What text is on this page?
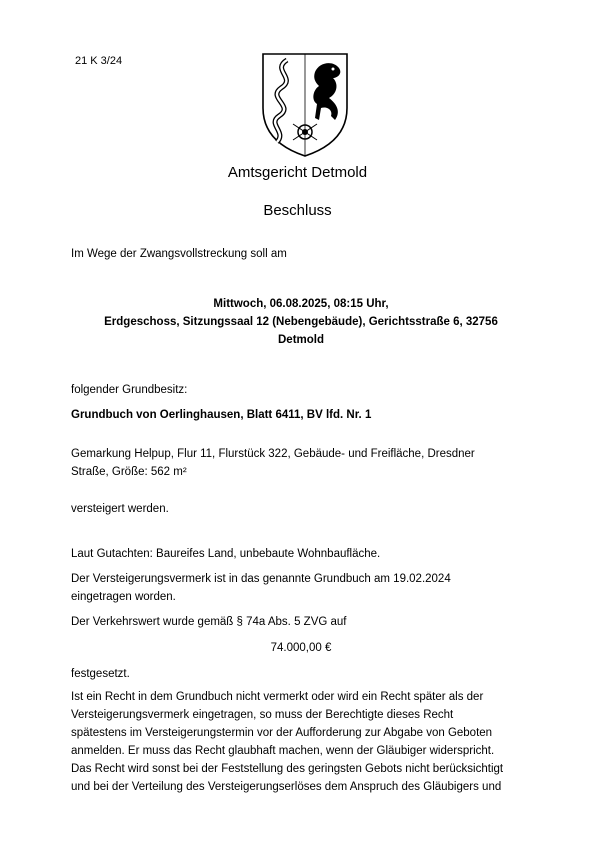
21 K 3/24
Amtsgericht Detmold
Beschluss
Im Wege der Zwangsvollstreckung soll am
Mittwoch, 06.08.2025, 08:15 Uhr,
Erdgeschoss, Sitzungssaal 12 (Nebengebäude), Gerichtsstraße 6, 32756
Detmold
folgender Grundbesitz:
Grundbuch von Oerlinghausen, Blatt 6411, BV lfd. Nr. 1
Gemarkung Helpup, Flur 11, Flurstück 322, Gebäude- und Freifläche, Dresdner
Straße, Größe: 562 m²
versteigert werden.
Laut Gutachten: Baureifes Land, unbebaute Wohnbaufläche.
Der Versteigerungsvermerk ist in das genannte Grundbuch am 19.02.2024
eingetragen worden.
Der Verkehrswert wurde gemäß § 74a Abs. 5 ZVG auf
74.000,00 €
festgesetzt.
Ist ein Recht in dem Grundbuch nicht vermerkt oder wird ein Recht später als der
Versteigerungsvermerk eingetragen, so muss der Berechtigte dieses Recht
spätestens im Versteigerungstermin vor der Aufforderung zur Abgabe von Geboten
anmelden. Er muss das Recht glaubhaft machen, wenn der Gläubiger widerspricht.
Das Recht wird sonst bei der Feststellung des geringsten Gebots nicht berücksichtigt
und bei der Verteilung des Versteigerungserlöses dem Anspruch des Gläubigers und
